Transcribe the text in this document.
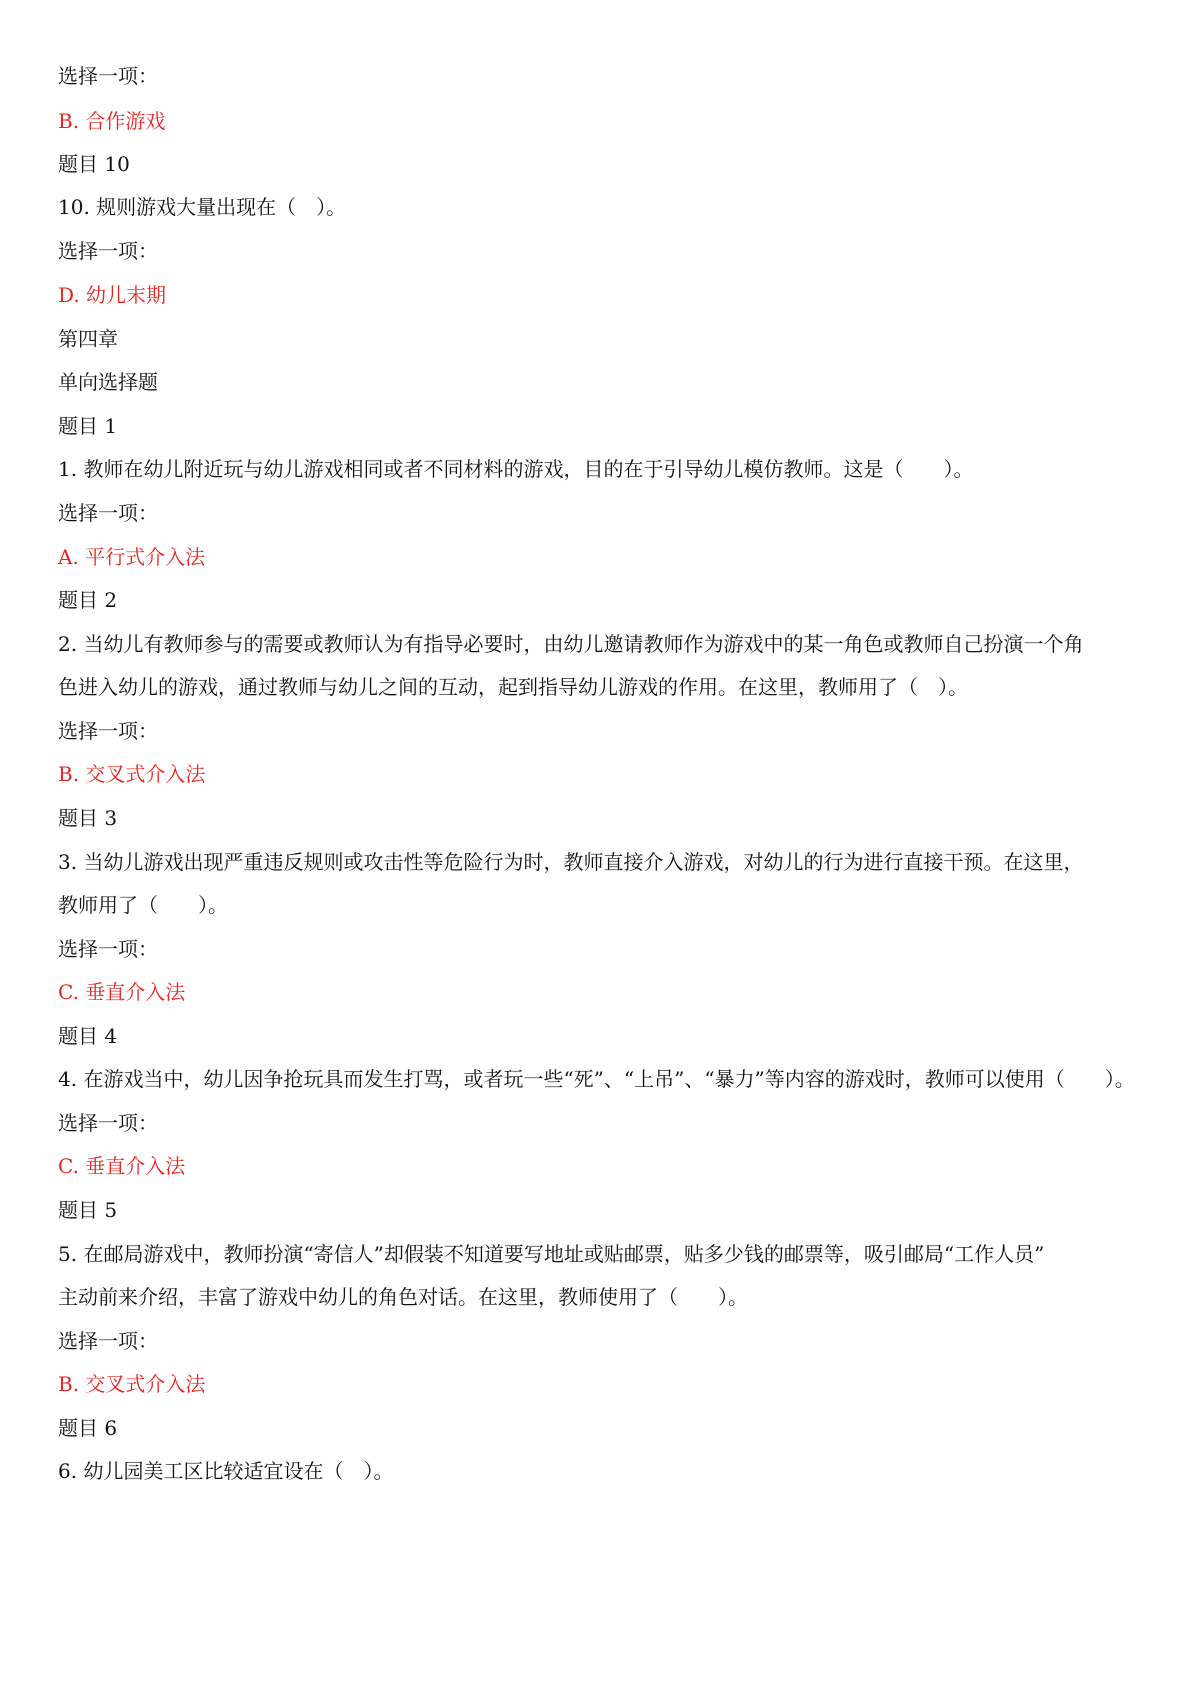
选择一项：
B. 合作游戏
题目 10
10. 规则游戏大量出现在（　）。
选择一项：
D. 幼儿末期
第四章
单向选择题
题目 1
1. 教师在幼儿附近玩与幼儿游戏相同或者不同材料的游戏，目的在于引导幼儿模仿教师。这是（　　）。
选择一项：
A. 平行式介入法
题目 2
2. 当幼儿有教师参与的需要或教师认为有指导必要时，由幼儿邀请教师作为游戏中的某一角色或教师自己扮演一个角
色进入幼儿的游戏，通过教师与幼儿之间的互动，起到指导幼儿游戏的作用。在这里，教师用了（　）。
选择一项：
B. 交叉式介入法
题目 3
3. 当幼儿游戏出现严重违反规则或攻击性等危险行为时，教师直接介入游戏，对幼儿的行为进行直接干预。在这里，
教师用了（　　）。
选择一项：
C. 垂直介入法
题目 4
4. 在游戏当中，幼儿因争抢玩具而发生打骂，或者玩一些“死”、“上吊”、“暴力”等内容的游戏时，教师可以使用（　　）。
选择一项：
C. 垂直介入法
题目 5
5. 在邮局游戏中，教师扮演“寄信人”却假装不知道要写地址或贴邮票，贴多少钱的邮票等，吸引邮局“工作人员”
主动前来介绍，丰富了游戏中幼儿的角色对话。在这里，教师使用了（　　）。
选择一项：
B. 交叉式介入法
题目 6
6. 幼儿园美工区比较适宜设在（　）。
